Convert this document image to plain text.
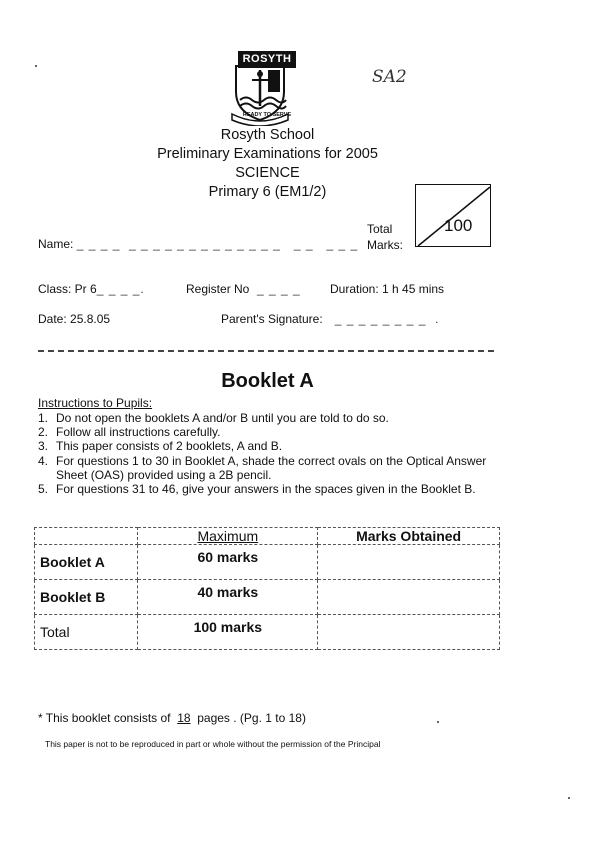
ROSYTH
READY TO SERVE
SA2
Rosyth School
Preliminary Examinations for 2005
SCIENCE
Primary 6 (EM1/2)
Total
Marks:
100
Name: _ _ _ _  _ _ _ _ _ _ _ _ _ _ _ _ _   _ _   _ _ _
Class: Pr 6_ _ _ _.	Register No  _ _ _ _ Duration: 1 h 45 mins
Date: 25.8.05	Parent's Signature:   _ _ _ _ _ _ _ _  .
Booklet A
Instructions to Pupils:
1. Do not open the booklets A and/or B until you are told to do so.
2. Follow all instructions carefully.
3. This paper consists of 2 booklets, A and B.
4. For questions 1 to 30 in Booklet A, shade the correct ovals on the Optical Answer Sheet (OAS) provided using a 2B pencil.
5. For questions 31 to 46, give your answers in the spaces given in the Booklet B.
	Maximum	Marks Obtained
Booklet A	60 marks	
Booklet B	40 marks	
Total	100 marks	
* This booklet consists of 18 pages . (Pg. 1 to 18)
This paper is not to be reproduced in part or whole without the permission of the Principal
